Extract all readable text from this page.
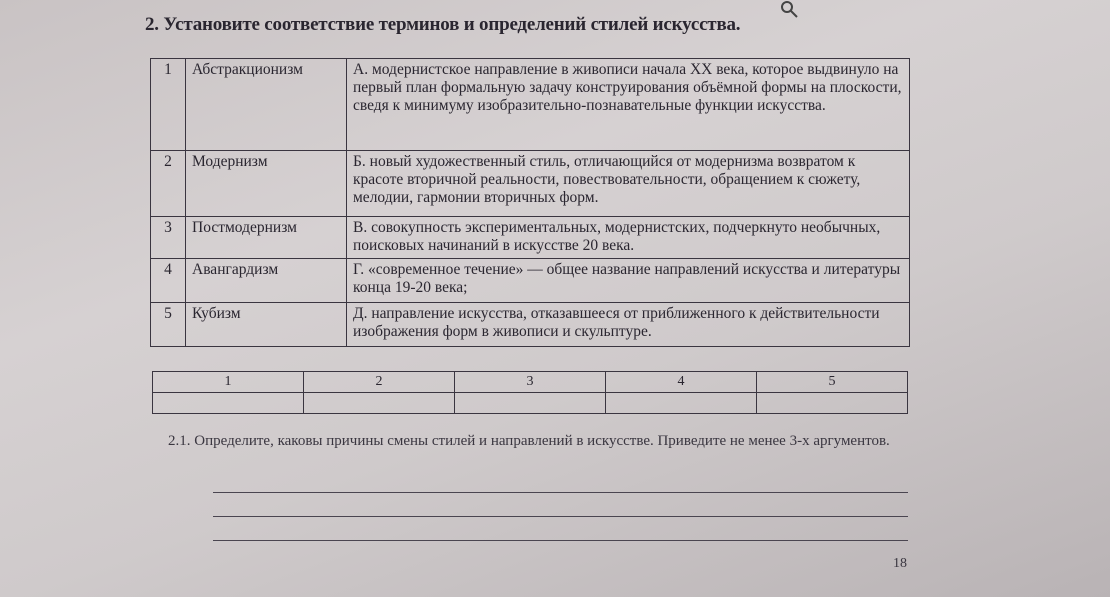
2. Установите соответствие терминов и определений стилей искусства.
1	Абстракционизм	А. модернистское направление в живописи начала XX века, которое выдвинуло на первый план формальную задачу конструирования объёмной формы на плоскости, сведя к минимуму изобразительно-познавательные функции искусства.
2	Модернизм	Б. новый художественный стиль, отличающийся от модернизма возвратом к красоте вторичной реальности, повествовательности, обращением к сюжету, мелодии, гармонии вторичных форм.
3	Постмодернизм	В. совокупность экспериментальных, модернистских, подчеркнуто необычных, поисковых начинаний в искусстве 20 века.
4	Авангардизм	Г. «современное течение» — общее название направлений искусства и литературы конца 19-20 века;
5	Кубизм	Д. направление искусства, отказавшееся от приближенного к действительности изображения форм в живописи и скульптуре.
1	2	3	4	5

2.1. Определите, каковы причины смены стилей и направлений в искусстве. Приведите не менее 3-х аргументов.
18
